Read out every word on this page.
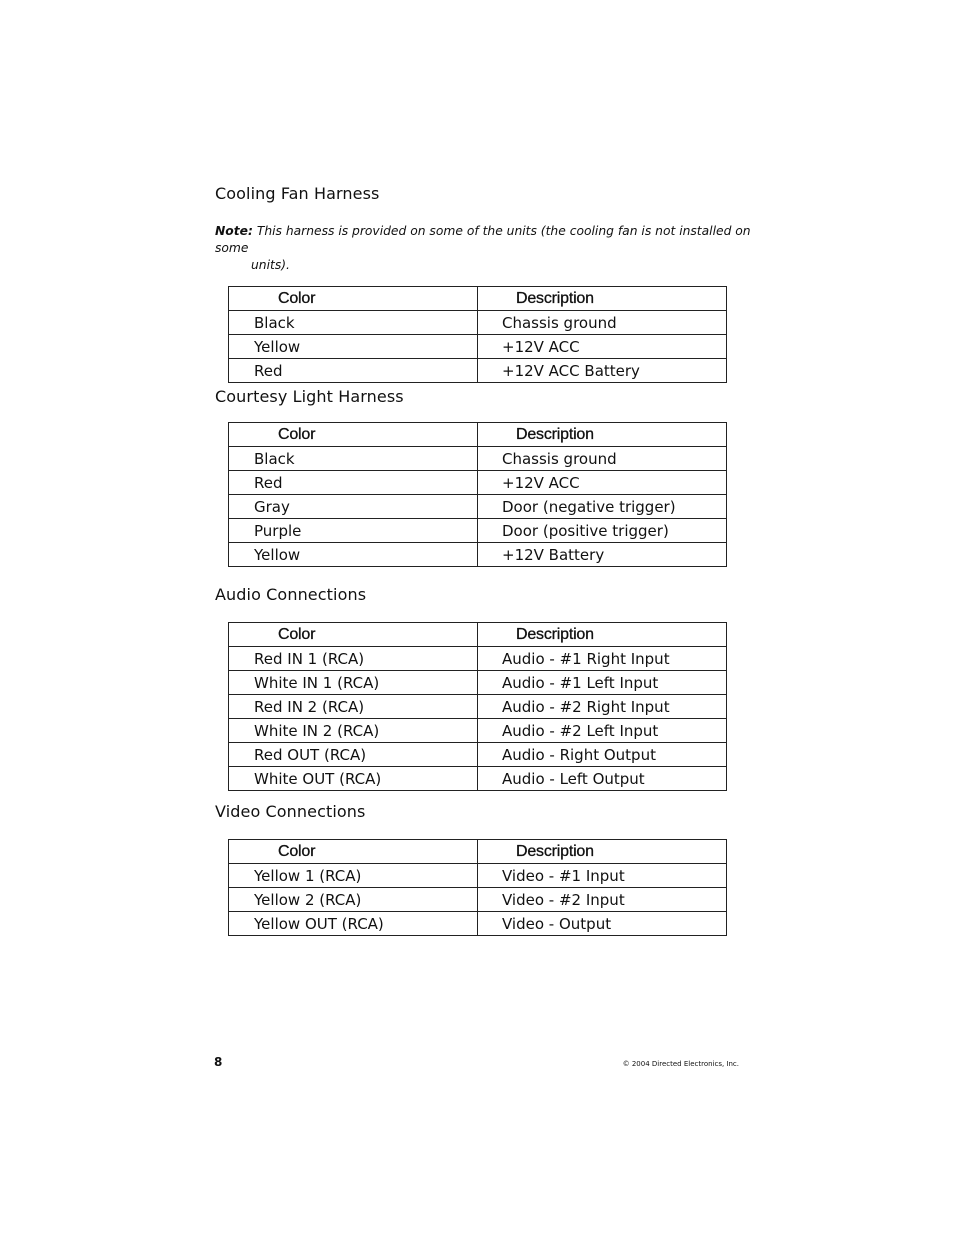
Cooling Fan Harness
Note: This harness is provided on some of the units (the cooling fan is not installed on some
units).
Color	Description
Black	Chassis ground
Yellow	+12V ACC
Red	+12V ACC Battery
Courtesy Light Harness
Color	Description
Black	Chassis ground
Red	+12V ACC
Gray	Door (negative trigger)
Purple	Door (positive trigger)
Yellow	+12V Battery
Audio Connections
Color	Description
Red IN 1 (RCA)	Audio - #1 Right Input
White IN 1 (RCA)	Audio - #1 Left Input
Red IN 2 (RCA)	Audio - #2 Right Input
White IN 2 (RCA)	Audio - #2 Left Input
Red OUT (RCA)	Audio - Right Output
White OUT (RCA)	Audio - Left Output
Video Connections
Color	Description
Yellow 1 (RCA)	Video - #1 Input
Yellow 2 (RCA)	Video - #2 Input
Yellow OUT (RCA)	Video - Output
8	© 2004 Directed Electronics, Inc.
